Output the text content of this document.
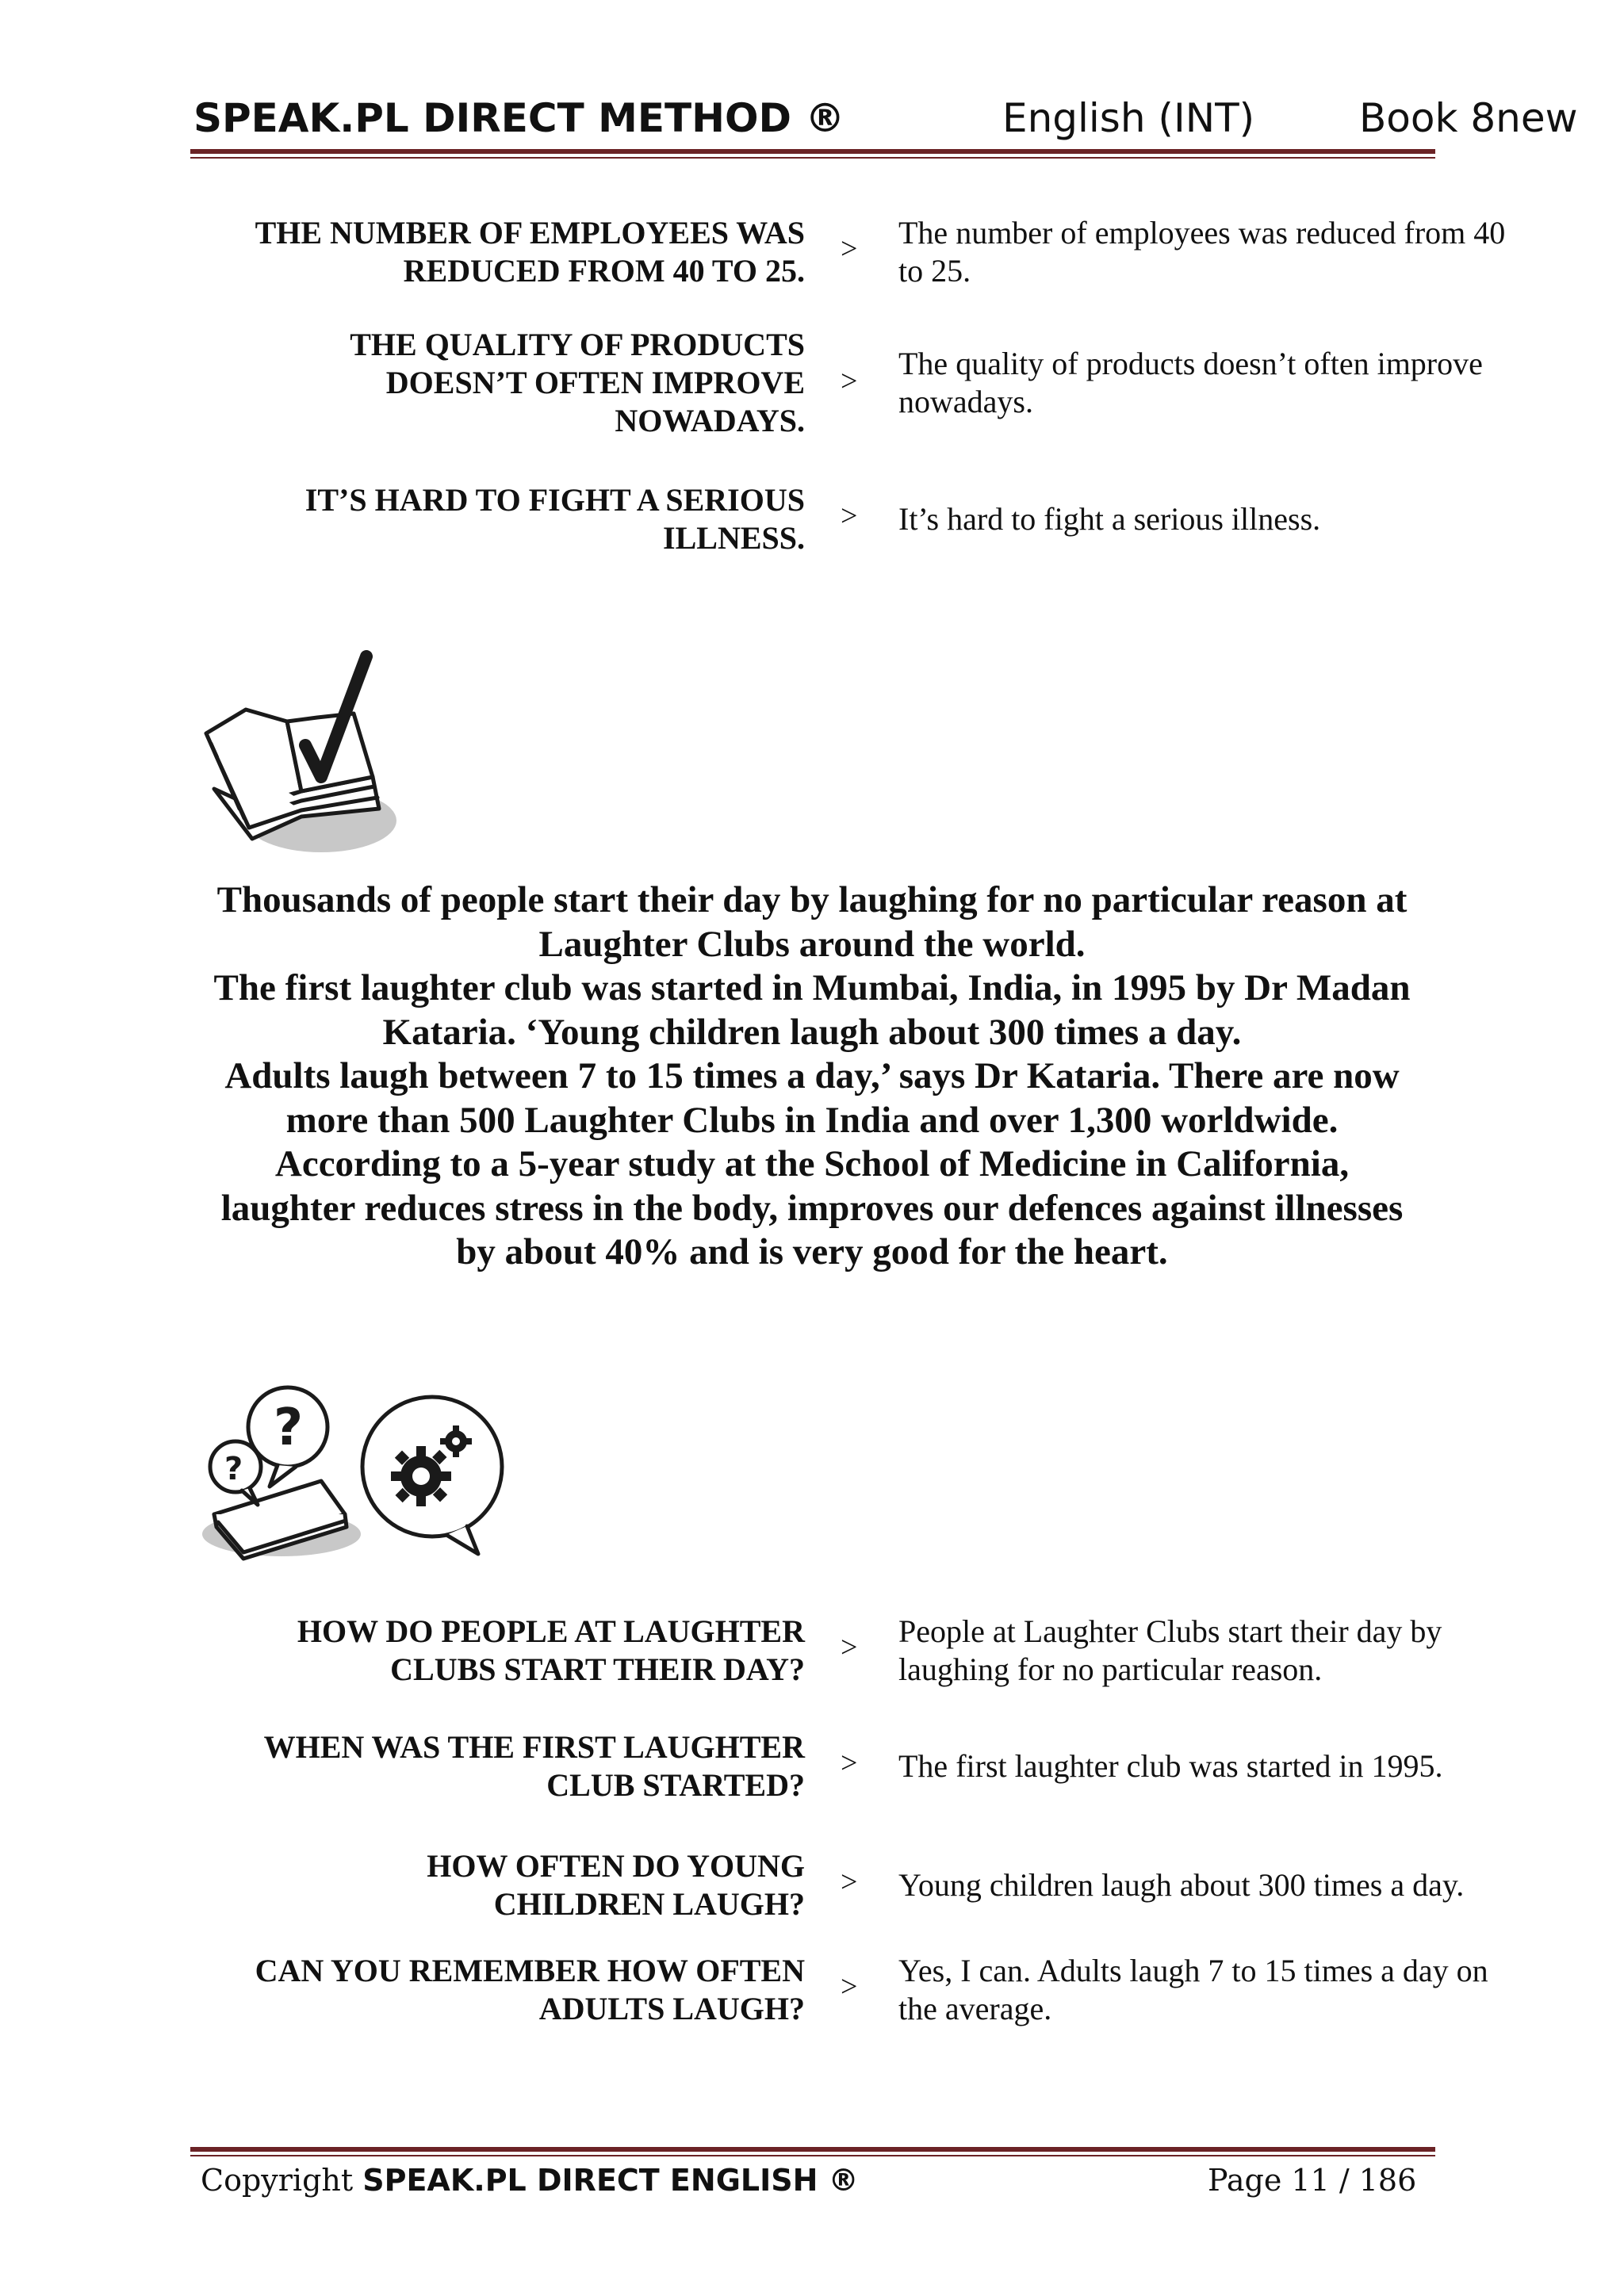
SPEAK.PL DIRECT METHOD ®	English (INT)	Book 8new
THE NUMBER OF EMPLOYEES WAS REDUCED FROM 40 TO 25.
> The number of employees was reduced from 40 to 25.
THE QUALITY OF PRODUCTS DOESN’T OFTEN IMPROVE NOWADAYS.
> The quality of products doesn’t often improve nowadays.
IT’S HARD TO FIGHT A SERIOUS ILLNESS.
> It’s hard to fight a serious illness.
Thousands of people start their day by laughing for no particular reason at
Laughter Clubs around the world.
The first laughter club was started in Mumbai, India, in 1995 by Dr Madan
Kataria. ‘Young children laugh about 300 times a day.
Adults laugh between 7 to 15 times a day,’ says Dr Kataria. There are now
more than 500 Laughter Clubs in India and over 1,300 worldwide.
According to a 5-year study at the School of Medicine in California,
laughter reduces stress in the body, improves our defences against illnesses
by about 40% and is very good for the heart.
?
?
HOW DO PEOPLE AT LAUGHTER CLUBS START THEIR DAY?
> People at Laughter Clubs start their day by laughing for no particular reason.
WHEN WAS THE FIRST LAUGHTER CLUB STARTED?
> The first laughter club was started in 1995.
HOW OFTEN DO YOUNG CHILDREN LAUGH?
> Young children laugh about 300 times a day.
CAN YOU REMEMBER HOW OFTEN ADULTS LAUGH?
> Yes, I can. Adults laugh 7 to 15 times a day on the average.
Copyright SPEAK.PL DIRECT ENGLISH ®	Page 11 / 186
